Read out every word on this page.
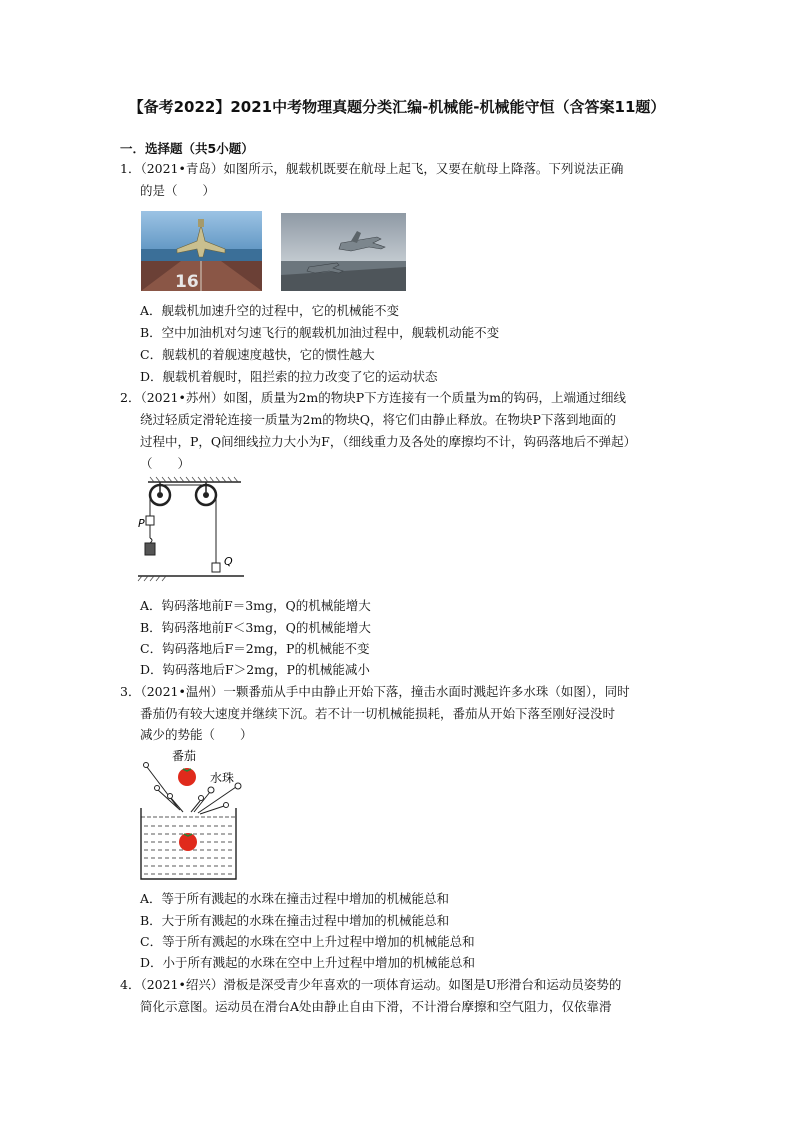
【备考2022】2021中考物理真题分类汇编-机械能-机械能守恒（含答案11题）
一．选择题（共5小题）
1．（2021•青岛）如图所示，舰载机既要在航母上起飞，又要在航母上降落。下列说法正确
的是（　　）
16
A．舰载机加速升空的过程中，它的机械能不变
B．空中加油机对匀速飞行的舰载机加油过程中，舰载机动能不变
C．舰载机的着舰速度越快，它的惯性越大
D．舰载机着舰时，阻拦索的拉力改变了它的运动状态
2．（2021•苏州）如图，质量为2m的物块P下方连接有一个质量为m的钩码，上端通过细线
绕过轻质定滑轮连接一质量为2m的物块Q，将它们由静止释放。在物块P下落到地面的
过程中，P，Q间细线拉力大小为F，（细线重力及各处的摩擦均不计，钩码落地后不弹起）
（　　）
P
Q
A．钩码落地前F＝3mg，Q的机械能增大
B．钩码落地前F＜3mg，Q的机械能增大
C．钩码落地后F＝2mg，P的机械能不变
D．钩码落地后F＞2mg，P的机械能减小
3．（2021•温州）一颗番茄从手中由静止开始下落，撞击水面时溅起许多水珠（如图），同时
番茄仍有较大速度并继续下沉。若不计一切机械能损耗，番茄从开始下落至刚好浸没时
减少的势能（　　）
番茄
水珠
A．等于所有溅起的水珠在撞击过程中增加的机械能总和
B．大于所有溅起的水珠在撞击过程中增加的机械能总和
C．等于所有溅起的水珠在空中上升过程中增加的机械能总和
D．小于所有溅起的水珠在空中上升过程中增加的机械能总和
4．（2021•绍兴）滑板是深受青少年喜欢的一项体育运动。如图是U形滑台和运动员姿势的
简化示意图。运动员在滑台A处由静止自由下滑，不计滑台摩擦和空气阻力，仅依靠滑
